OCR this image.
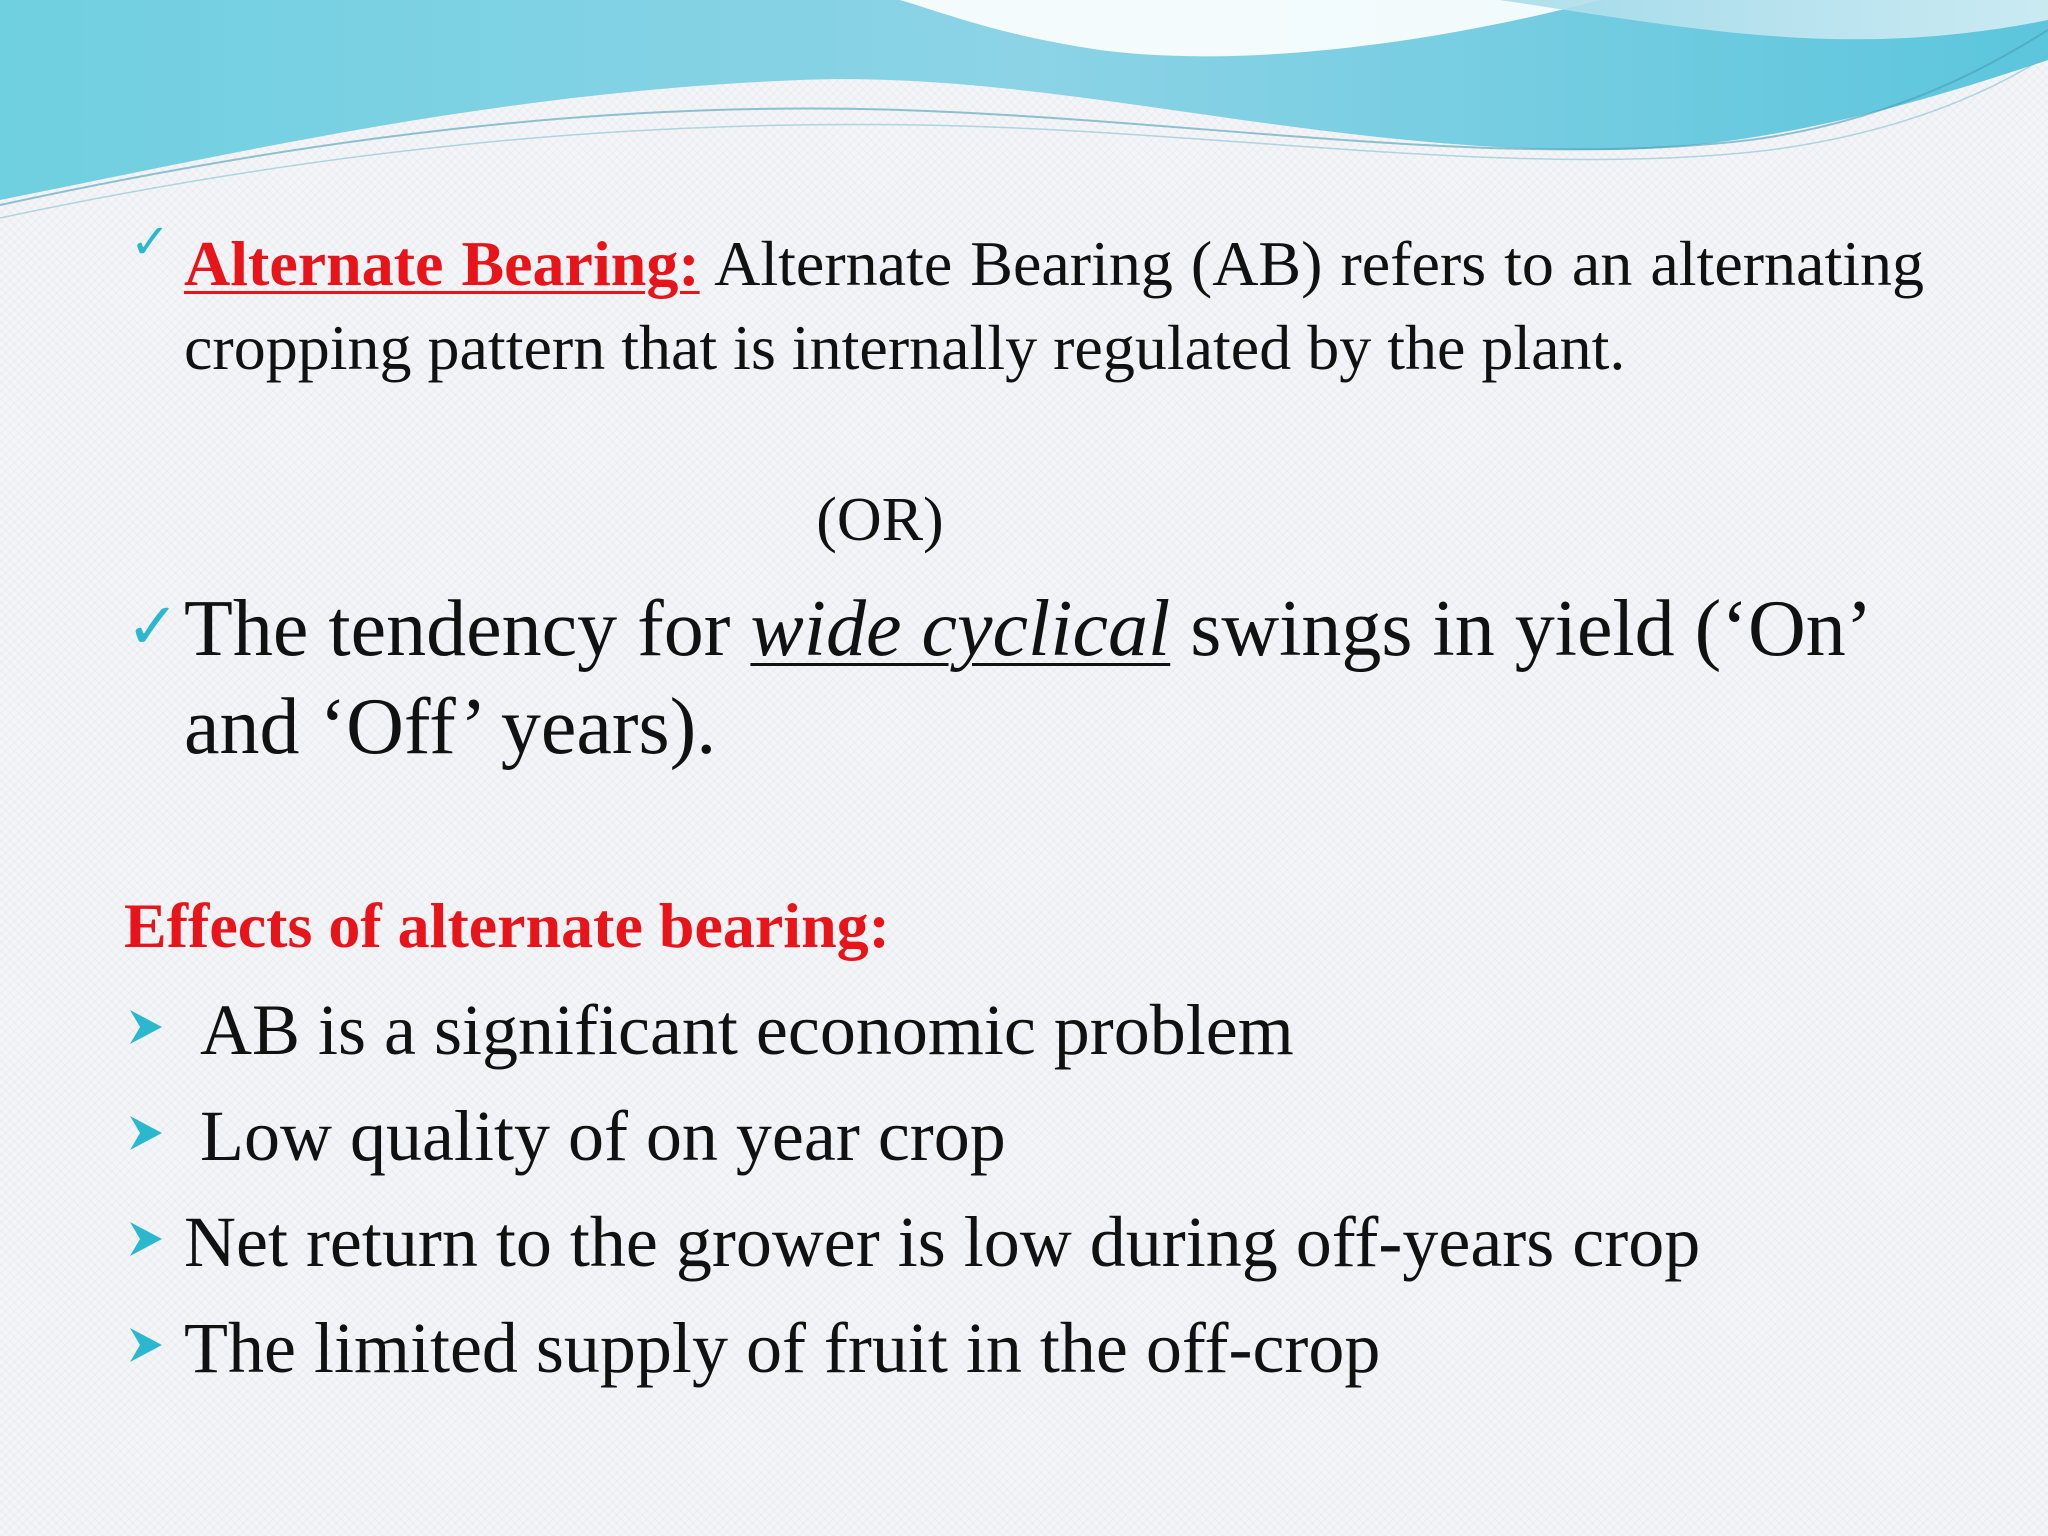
✓ Alternate Bearing: Alternate Bearing (AB) refers to an alternating cropping pattern that is internally regulated by the plant.
(OR)
✓ The tendency for wide cyclical swings in yield (‘On’ and ‘Off’ years).
Effects of alternate bearing:
AB is a significant economic problem
Low quality of on year crop
Net return to the grower is low during off-years crop
The limited supply of fruit in the off-crop
